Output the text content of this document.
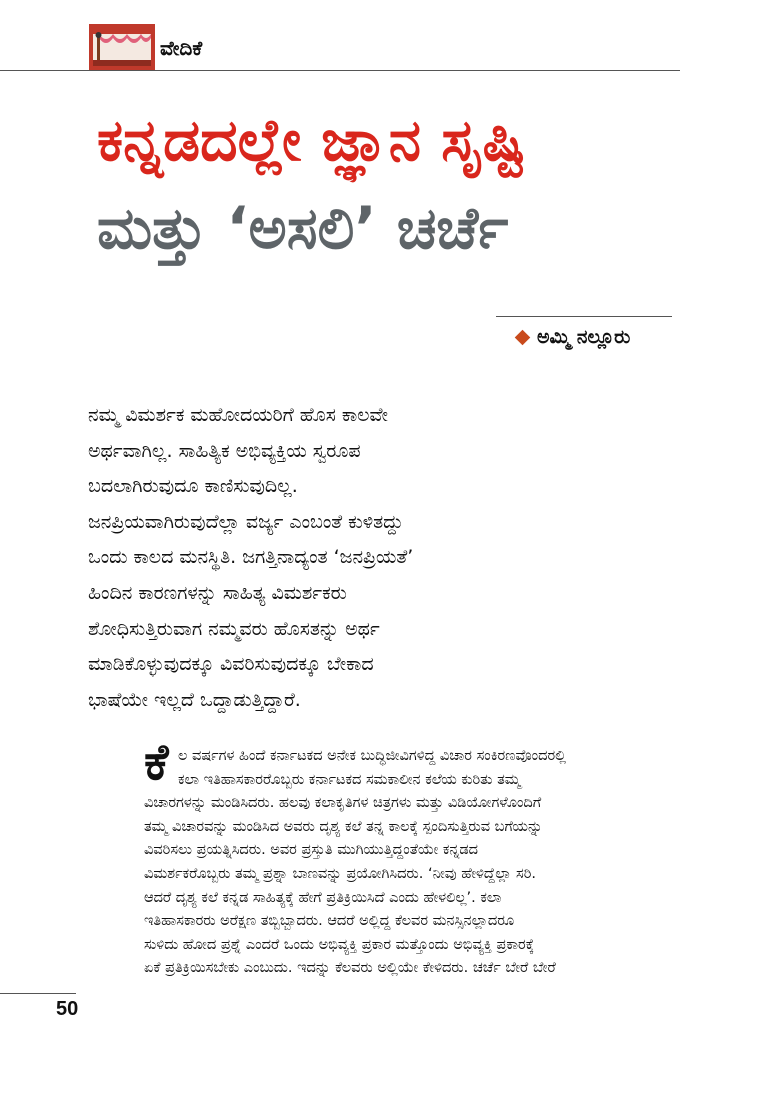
ವೇದಿಕೆ
ಕನ್ನಡದಲ್ಲೇ ಜ್ಞಾನ ಸೃಷ್ಟಿ
ಮತ್ತು ‘ಅಸಲಿ’ ಚರ್ಚೆ
ಅಮ್ಮಿ ನಲ್ಲೂರು
ನಮ್ಮ ವಿಮರ್ಶಕ ಮಹೋದಯರಿಗೆ ಹೊಸ ಕಾಲವೇ
ಅರ್ಥವಾಗಿಲ್ಲ. ಸಾಹಿತ್ಯಿಕ ಅಭಿವ್ಯಕ್ತಿಯ ಸ್ವರೂಪ
ಬದಲಾಗಿರುವುದೂ ಕಾಣಿಸುವುದಿಲ್ಲ.
ಜನಪ್ರಿಯವಾಗಿರುವುದೆಲ್ಲಾ ವರ್ಜ್ಯ ಎಂಬಂತೆ ಕುಳಿತದ್ದು
ಒಂದು ಕಾಲದ ಮನಸ್ಥಿತಿ. ಜಗತ್ತಿನಾದ್ಯಂತ ‘ಜನಪ್ರಿಯತೆ’
ಹಿಂದಿನ ಕಾರಣಗಳನ್ನು ಸಾಹಿತ್ಯ ವಿಮರ್ಶಕರು
ಶೋಧಿಸುತ್ತಿರುವಾಗ ನಮ್ಮವರು ಹೊಸತನ್ನು ಅರ್ಥ
ಮಾಡಿಕೊಳ್ಳುವುದಕ್ಕೂ ವಿವರಿಸುವುದಕ್ಕೂ ಬೇಕಾದ
ಭಾಷೆಯೇ ಇಲ್ಲದೆ ಒದ್ದಾಡುತ್ತಿದ್ದಾರೆ.
ಕೆ ಲ ವರ್ಷಗಳ ಹಿಂದೆ ಕರ್ನಾಟಕದ ಅನೇಕ ಬುದ್ಧಿಜೀವಿಗಳಿದ್ದ ವಿಚಾರ ಸಂಕಿರಣವೊಂದರಲ್ಲಿ
ಕಲಾ ಇತಿಹಾಸಕಾರರೊಬ್ಬರು ಕರ್ನಾಟಕದ ಸಮಕಾಲೀನ ಕಲೆಯ ಕುರಿತು ತಮ್ಮ
ವಿಚಾರಗಳನ್ನು ಮಂಡಿಸಿದರು. ಹಲವು ಕಲಾಕೃತಿಗಳ ಚಿತ್ರಗಳು ಮತ್ತು ವಿಡಿಯೋಗಳೊಂದಿಗೆ
ತಮ್ಮ ವಿಚಾರವನ್ನು ಮಂಡಿಸಿದ ಅವರು ದೃಶ್ಯ ಕಲೆ ತನ್ನ ಕಾಲಕ್ಕೆ ಸ್ಪಂದಿಸುತ್ತಿರುವ ಬಗೆಯನ್ನು
ವಿವರಿಸಲು ಪ್ರಯತ್ನಿಸಿದರು. ಅವರ ಪ್ರಸ್ತುತಿ ಮುಗಿಯುತ್ತಿದ್ದಂತೆಯೇ ಕನ್ನಡದ
ವಿಮರ್ಶಕರೊಬ್ಬರು ತಮ್ಮ ಪ್ರಶ್ನಾ ಬಾಣವನ್ನು ಪ್ರಯೋಗಿಸಿದರು. ‘ನೀವು ಹೇಳಿದ್ದೆಲ್ಲಾ ಸರಿ.
ಆದರೆ ದೃಶ್ಯ ಕಲೆ ಕನ್ನಡ ಸಾಹಿತ್ಯಕ್ಕೆ ಹೇಗೆ ಪ್ರತಿಕ್ರಿಯಿಸಿದೆ ಎಂದು ಹೇಳಲಿಲ್ಲ’. ಕಲಾ
ಇತಿಹಾಸಕಾರರು ಅರೆಕ್ಷಣ ತಬ್ಬಿಬ್ಬಾದರು. ಆದರೆ ಅಲ್ಲಿದ್ದ ಕೆಲವರ ಮನಸ್ಸಿನಲ್ಲಾದರೂ
ಸುಳಿದು ಹೋದ ಪ್ರಶ್ನೆ ಎಂದರೆ ಒಂದು ಅಭಿವ್ಯಕ್ತಿ ಪ್ರಕಾರ ಮತ್ತೊಂದು ಅಭಿವ್ಯಕ್ತಿ ಪ್ರಕಾರಕ್ಕೆ
ಏಕೆ ಪ್ರತಿಕ್ರಿಯಿಸಬೇಕು ಎಂಬುದು. ಇದನ್ನು ಕೆಲವರು ಅಲ್ಲಿಯೇ ಕೇಳಿದರು. ಚರ್ಚೆ ಬೇರೆ ಬೇರೆ
50
